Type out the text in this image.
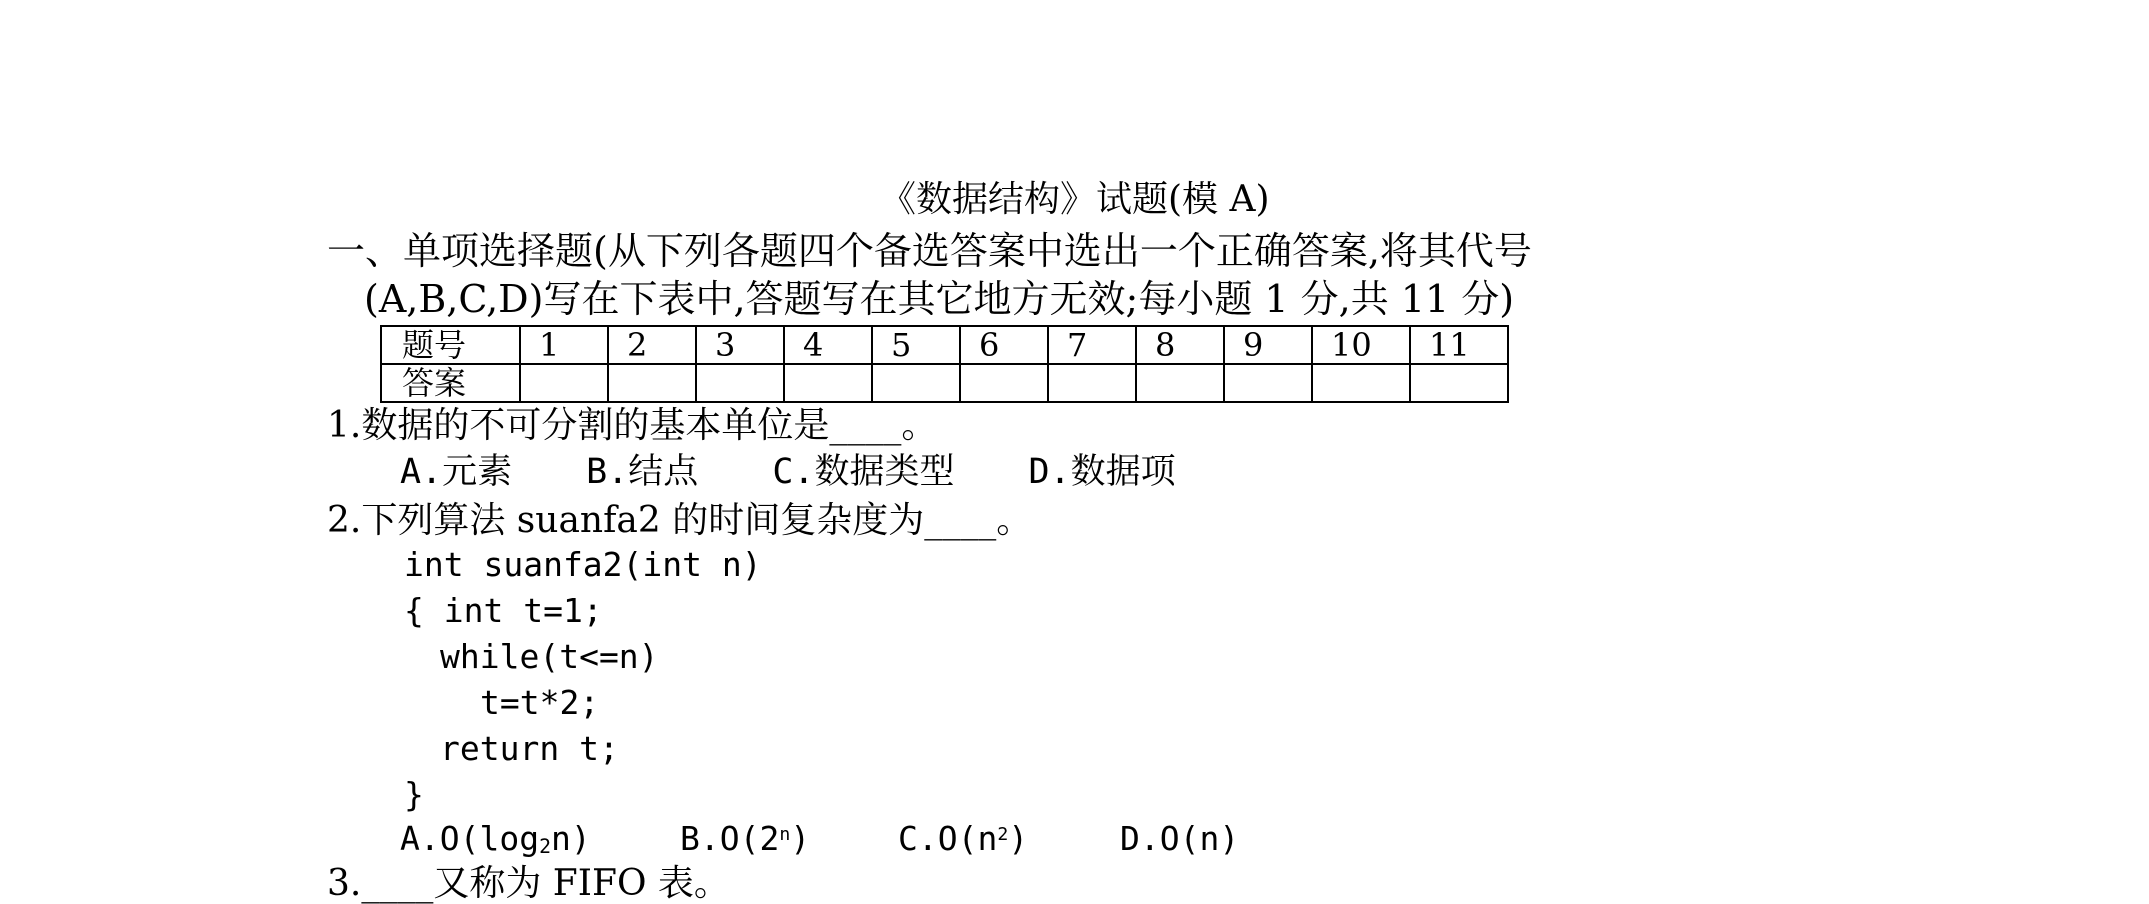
《数据结构》试题(模 A)
一、单项选择题(从下列各题四个备选答案中选出一个正确答案,将其代号
(A,B,C,D)写在下表中,答题写在其它地方无效;每小题 1 分,共 11 分)
题号	1	2	3	4	5	6	7	8	9	10	11
答案											
1.数据的不可分割的基本单位是____。
A.元素 B.结点 C.数据类型 D.数据项
2.下列算法 suanfa2 的时间复杂度为____。
int suanfa2(int n)
{ int t=1;
while(t<=n)
t=t*2;
return t;
}
$A.O(\log_2n)$	B.O(2$^n$)	$C.O(n^2)$	D.O(n)
3.____又称为 FIFO 表。
